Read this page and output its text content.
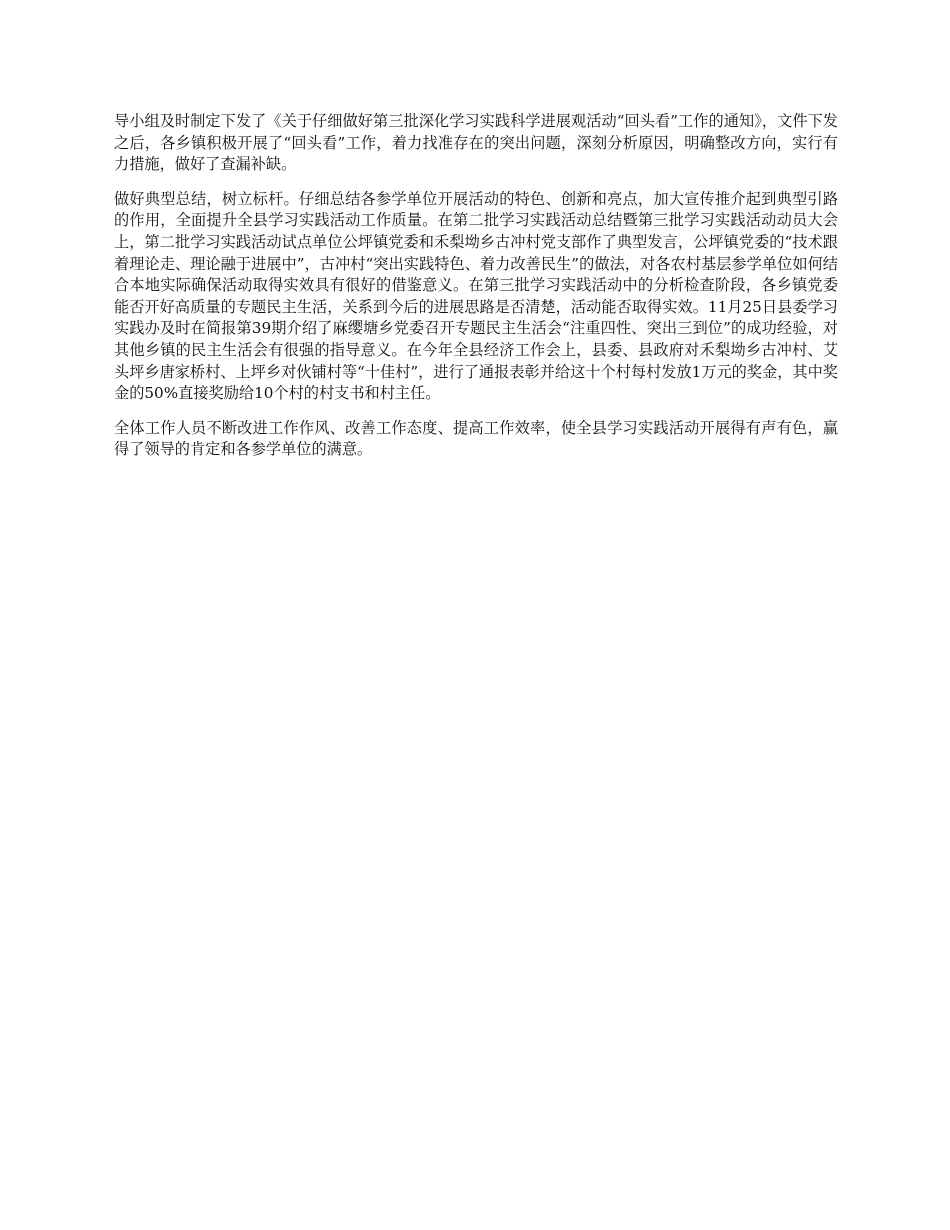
导小组及时制定下发了《关于仔细做好第三批深化学习实践科学进展观活动“回头看”工作的通知》，文件下发之后，各乡镇积极开展了“回头看”工作，着力找准存在的突出问题，深刻分析原因，明确整改方向，实行有力措施，做好了查漏补缺。

做好典型总结，树立标杆。仔细总结各参学单位开展活动的特色、创新和亮点，加大宣传推介起到典型引路的作用，全面提升全县学习实践活动工作质量。在第二批学习实践活动总结暨第三批学习实践活动动员大会上，第二批学习实践活动试点单位公坪镇党委和禾梨坳乡古冲村党支部作了典型发言，公坪镇党委的“技术跟着理论走、理论融于进展中”，古冲村“突出实践特色、着力改善民生”的做法，对各农村基层参学单位如何结合本地实际确保活动取得实效具有很好的借鉴意义。在第三批学习实践活动中的分析检查阶段，各乡镇党委能否开好高质量的专题民主生活，关系到今后的进展思路是否清楚，活动能否取得实效。11月25日县委学习实践办及时在简报第39期介绍了麻缨塘乡党委召开专题民主生活会“注重四性、突出三到位”的成功经验，对其他乡镇的民主生活会有很强的指导意义。在今年全县经济工作会上，县委、县政府对禾梨坳乡古冲村、艾头坪乡唐家桥村、上坪乡对伙铺村等“十佳村”，进行了通报表彰并给这十个村每村发放1万元的奖金，其中奖金的50%直接奖励给10个村的村支书和村主任。

全体工作人员不断改进工作作风、改善工作态度、提高工作效率，使全县学习实践活动开展得有声有色，赢得了领导的肯定和各参学单位的满意。
